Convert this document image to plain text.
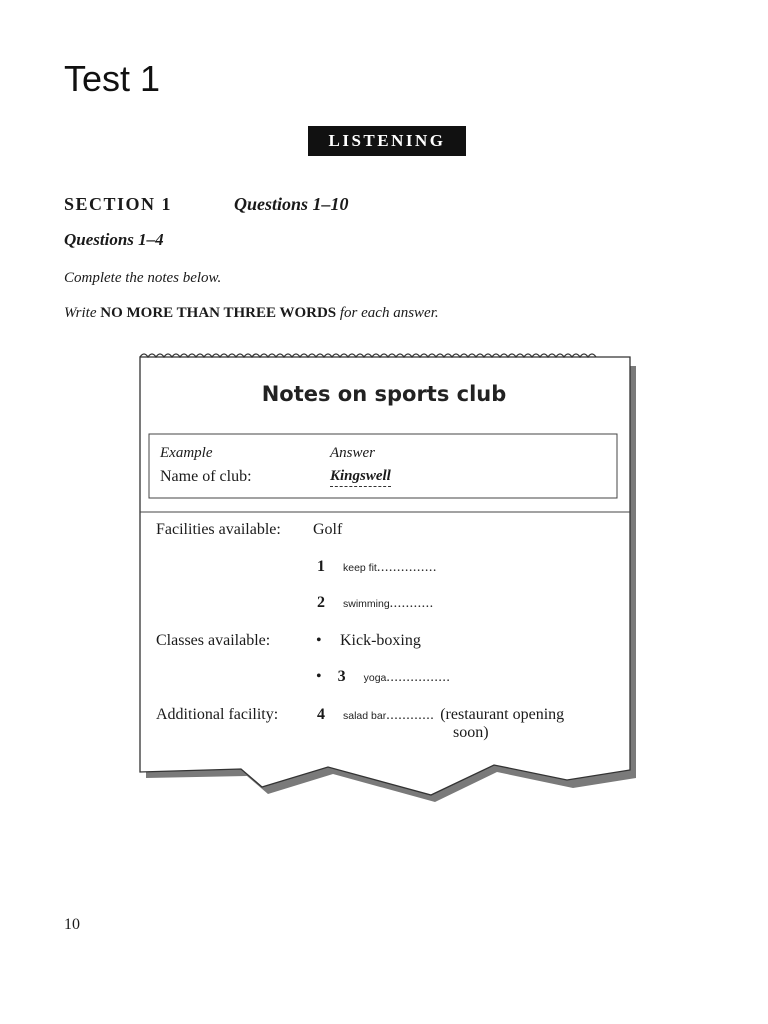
Test 1
LISTENING
SECTION 1	Questions 1–10
Questions 1–4
Complete the notes below.
Write NO MORE THAN THREE WORDS for each answer.
Notes on sports club
Example	Answer
Name of club:	Kingswell
Facilities available: Golf
1 keep fit ...............
2 swimming ...........
Classes available:	• Kick-boxing
• 3 yoga ................
Additional facility: 4 salad bar ............ (restaurant opening
soon)
10
